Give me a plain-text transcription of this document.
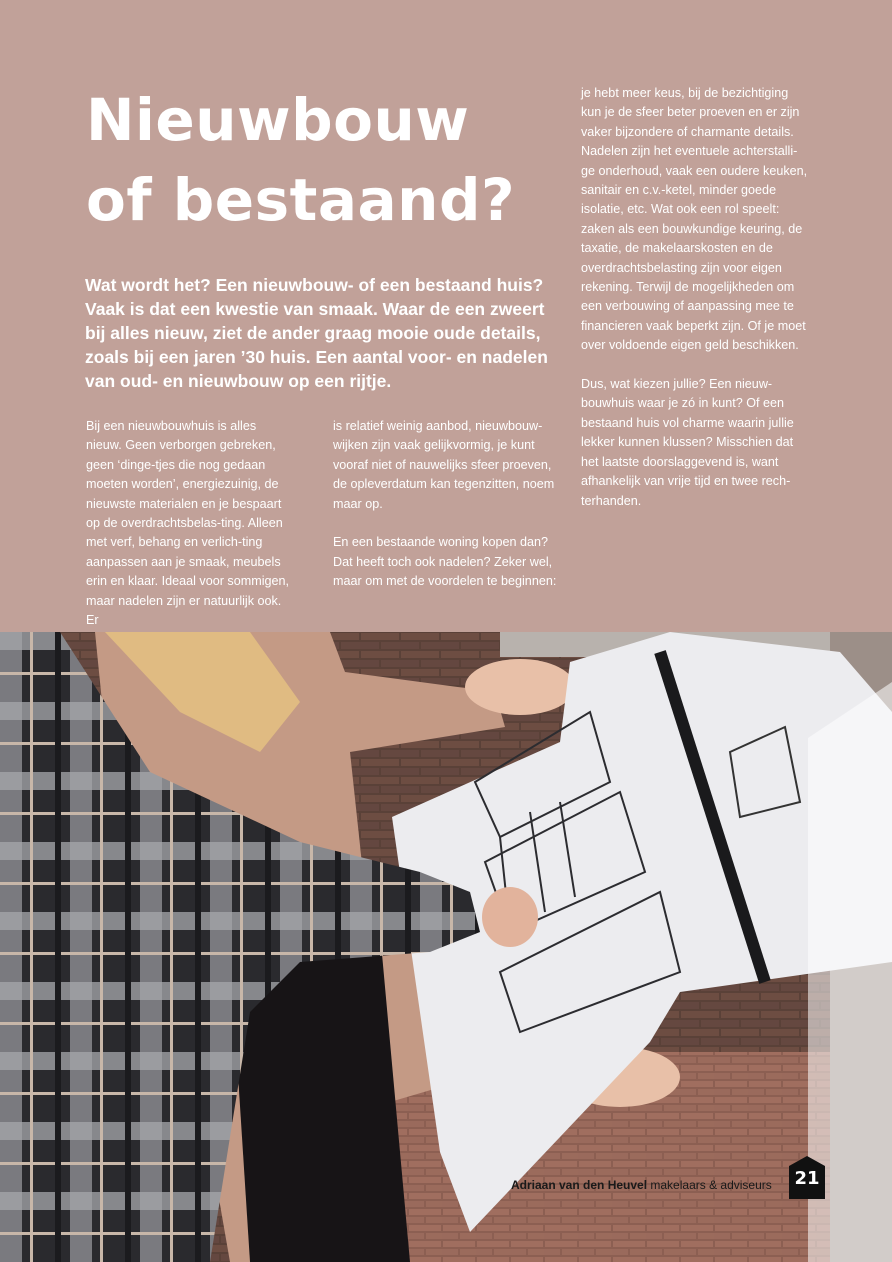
Nieuwbouw
of bestaand?

Wat wordt het? Een nieuwbouw- of een bestaand huis? Vaak is dat een kwestie van smaak. Waar de een zweert bij alles nieuw, ziet de ander graag mooie oude details, zoals bij een jaren ’30 huis. Een aantal voor- en nadelen van oud- en nieuwbouw op een rijtje.

Bij een nieuwbouwhuis is alles nieuw. Geen verborgen gebreken, geen ‘dinge-tjes die nog gedaan moeten worden’, energiezuinig, de nieuwste materialen en je bespaart op de overdrachtsbelas-ting. Alleen met verf, behang en verlich-ting aanpassen aan je smaak, meubels erin en klaar. Ideaal voor sommigen, maar nadelen zijn er natuurlijk ook. Er

is relatief weinig aanbod, nieuwbouw-wijken zijn vaak gelijkvormig, je kunt vooraf niet of nauwelijks sfeer proeven, de opleverdatum kan tegenzitten, noem maar op.

En een bestaande woning kopen dan? Dat heeft toch ook nadelen? Zeker wel, maar om met de voordelen te beginnen:

je hebt meer keus, bij de bezichtiging kun je de sfeer beter proeven en er zijn vaker bijzondere of charmante details. Nadelen zijn het eventuele achterstalli-ge onderhoud, vaak een oudere keuken, sanitair en c.v.-ketel, minder goede isolatie, etc. Wat ook een rol speelt: zaken als een bouwkundige keuring, de taxatie, de makelaarskosten en de overdrachtsbelasting zijn voor eigen rekening. Terwijl de mogelijkheden om een verbouwing of aanpassing mee te financieren vaak beperkt zijn. Of je moet over voldoende eigen geld beschikken.

Dus, wat kiezen jullie? Een nieuw-bouwhuis waar je zó in kunt? Of een bestaand huis vol charme waarin jullie lekker kunnen klussen? Misschien dat het laatste doorslaggevend is, want afhankelijk van vrije tijd en twee rech-terhanden.

Adriaan van den Heuvel makelaars & adviseurs	21
